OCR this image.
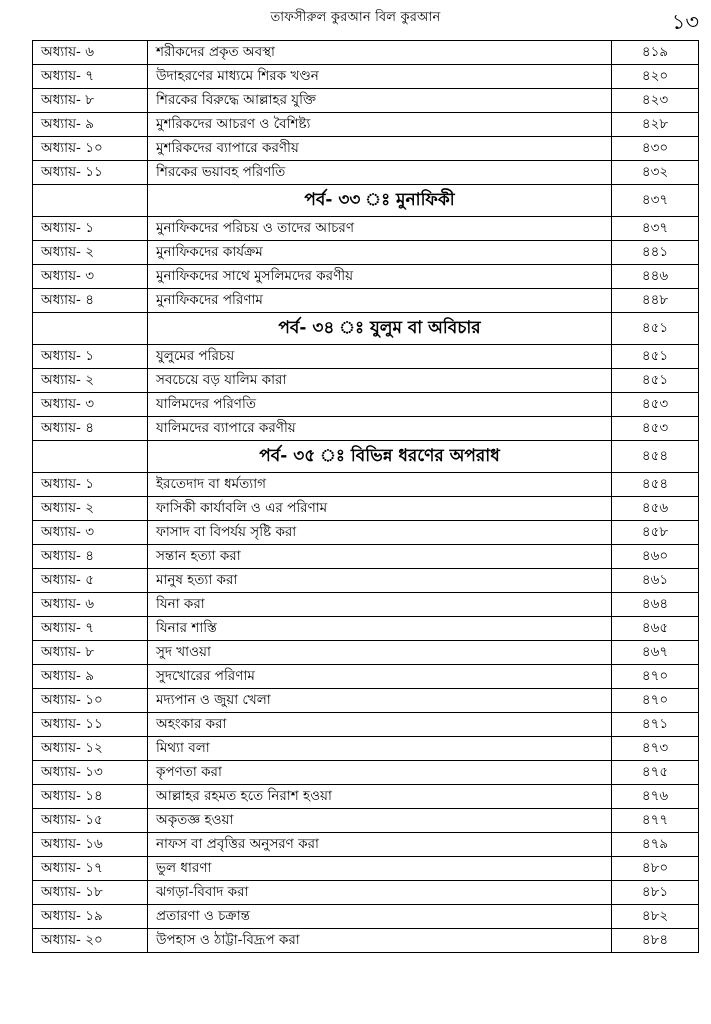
তাফসীরুল কুরআন বিল কুরআন	১৩
অধ্যায়- ৬	শরীকদের প্রকৃত অবস্থা	৪১৯
অধ্যায়- ৭	উদাহরণের মাধ্যমে শিরক খণ্ডন	৪২০
অধ্যায়- ৮	শিরকের বিরুদ্ধে আল্লাহর যুক্তি	৪২৩
অধ্যায়- ৯	মুশরিকদের আচরণ ও বৈশিষ্ট্য	৪২৮
অধ্যায়- ১০	মুশরিকদের ব্যাপারে করণীয়	৪৩০
অধ্যায়- ১১	শিরকের ভয়াবহ পরিণতি	৪৩২
	পর্ব- ৩৩ ঃ মুনাফিকী	৪৩৭
অধ্যায়- ১	মুনাফিকদের পরিচয় ও তাদের আচরণ	৪৩৭
অধ্যায়- ২	মুনাফিকদের কার্যক্রম	৪৪১
অধ্যায়- ৩	মুনাফিকদের সাথে মুসলিমদের করণীয়	৪৪৬
অধ্যায়- ৪	মুনাফিকদের পরিণাম	৪৪৮
	পর্ব- ৩৪ ঃ যুলুম বা অবিচার	৪৫১
অধ্যায়- ১	যুলুমের পরিচয়	৪৫১
অধ্যায়- ২	সবচেয়ে বড় যালিম কারা	৪৫১
অধ্যায়- ৩	যালিমদের পরিণতি	৪৫৩
অধ্যায়- ৪	যালিমদের ব্যাপারে করণীয়	৪৫৩
	পর্ব- ৩৫ ঃ বিভিন্ন ধরণের অপরাধ	৪৫৪
অধ্যায়- ১	ইরতেদাদ বা ধর্মত্যাগ	৪৫৪
অধ্যায়- ২	ফাসিকী কার্যাবলি ও এর পরিণাম	৪৫৬
অধ্যায়- ৩	ফাসাদ বা বিপর্যয় সৃষ্টি করা	৪৫৮
অধ্যায়- ৪	সন্তান হত্যা করা	৪৬০
অধ্যায়- ৫	মানুষ হত্যা করা	৪৬১
অধ্যায়- ৬	যিনা করা	৪৬৪
অধ্যায়- ৭	যিনার শাস্তি	৪৬৫
অধ্যায়- ৮	সুদ খাওয়া	৪৬৭
অধ্যায়- ৯	সুদখোরের পরিণাম	৪৭০
অধ্যায়- ১০	মদ্যপান ও জুয়া খেলা	৪৭০
অধ্যায়- ১১	অহংকার করা	৪৭১
অধ্যায়- ১২	মিথ্যা বলা	৪৭৩
অধ্যায়- ১৩	কৃপণতা করা	৪৭৫
অধ্যায়- ১৪	আল্লাহর রহমত হতে নিরাশ হওয়া	৪৭৬
অধ্যায়- ১৫	অকৃতজ্ঞ হওয়া	৪৭৭
অধ্যায়- ১৬	নাফস বা প্রবৃত্তির অনুসরণ করা	৪৭৯
অধ্যায়- ১৭	ভুল ধারণা	৪৮০
অধ্যায়- ১৮	ঝগড়া-বিবাদ করা	৪৮১
অধ্যায়- ১৯	প্রতারণা ও চক্রান্ত	৪৮২
অধ্যায়- ২০	উপহাস ও ঠাট্টা-বিদ্রূপ করা	৪৮৪
